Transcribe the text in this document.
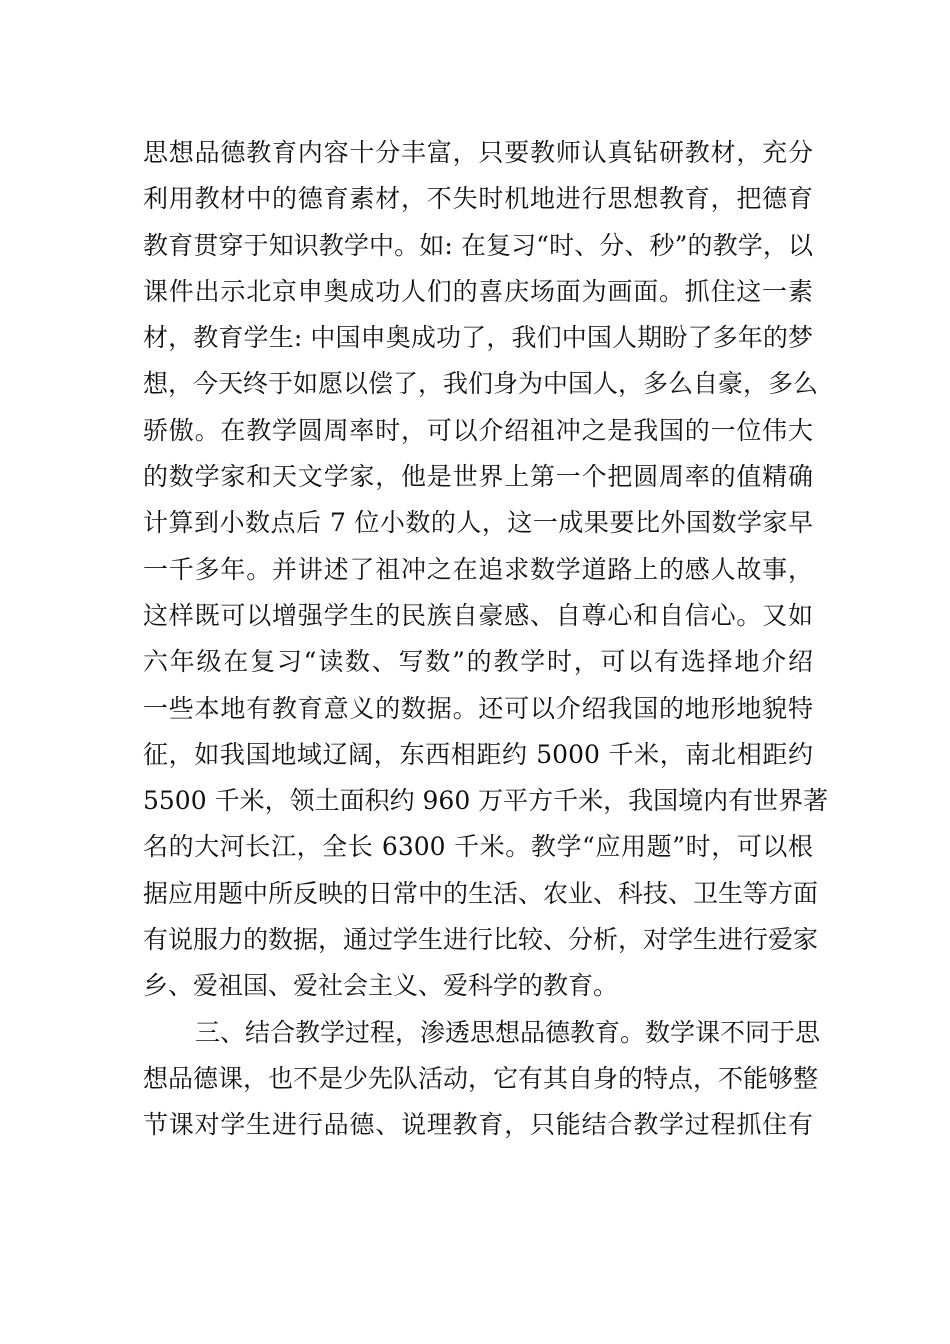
思想品德教育内容十分丰富，只要教师认真钻研教材，充分
利用教材中的德育素材，不失时机地进行思想教育，把德育
教育贯穿于知识教学中。如: 在复习“时、分、秒”的教学，以
课件出示北京申奥成功人们的喜庆场面为画面。抓住这一素
材，教育学生: 中国申奥成功了，我们中国人期盼了多年的梦
想，今天终于如愿以偿了，我们身为中国人，多么自豪，多么
骄傲。在教学圆周率时，可以介绍祖冲之是我国的一位伟大
的数学家和天文学家，他是世界上第一个把圆周率的值精确
计算到小数点后 7 位小数的人，这一成果要比外国数学家早
一千多年。并讲述了祖冲之在追求数学道路上的感人故事，
这样既可以增强学生的民族自豪感、自尊心和自信心。又如
六年级在复习“读数、写数”的教学时，可以有选择地介绍
一些本地有教育意义的数据。还可以介绍我国的地形地貌特
征，如我国地域辽阔，东西相距约 5000 千米，南北相距约
5500 千米，领土面积约 960 万平方千米，我国境内有世界著
名的大河长江，全长 6300 千米。教学“应用题”时，可以根
据应用题中所反映的日常中的生活、农业、科技、卫生等方面
有说服力的数据，通过学生进行比较、分析，对学生进行爱家
乡、爱祖国、爱社会主义、爱科学的教育。
三、结合教学过程，渗透思想品德教育。数学课不同于思
想品德课，也不是少先队活动，它有其自身的特点，不能够整
节课对学生进行品德、说理教育，只能结合教学过程抓住有
